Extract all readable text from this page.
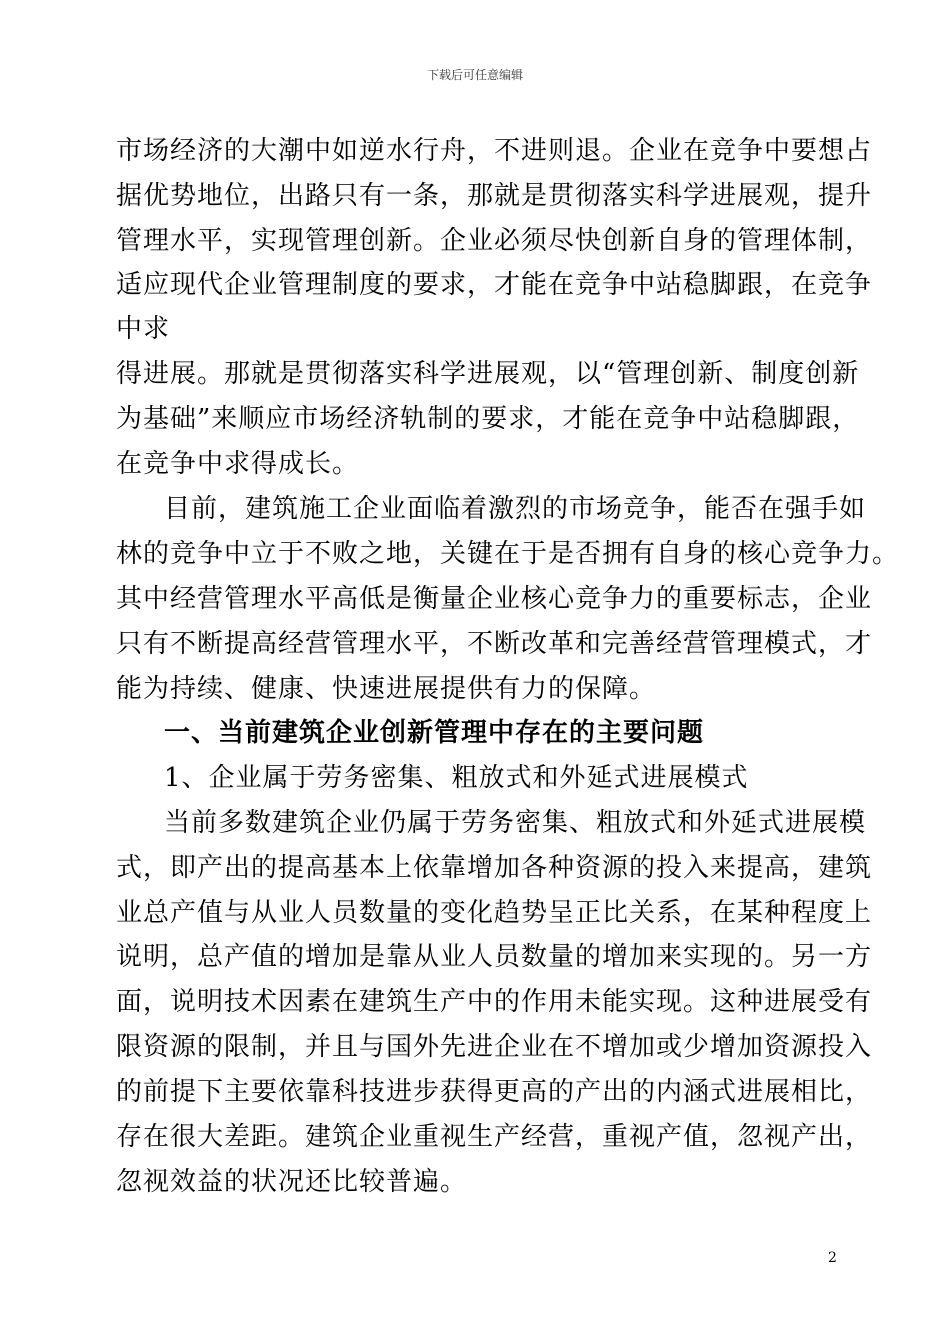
下载后可任意编辑
市场经济的大潮中如逆水行舟，不进则退。企业在竞争中要想占
据优势地位，出路只有一条，那就是贯彻落实科学进展观，提升
管理水平，实现管理创新。企业必须尽快创新自身的管理体制，
适应现代企业管理制度的要求，才能在竞争中站稳脚跟，在竞争
中求
得进展。那就是贯彻落实科学进展观，以“管理创新、制度创新
为基础”来顺应市场经济轨制的要求，才能在竞争中站稳脚跟，
在竞争中求得成长。
目前，建筑施工企业面临着激烈的市场竞争，能否在强手如
林的竞争中立于不败之地，关键在于是否拥有自身的核心竞争力。
其中经营管理水平高低是衡量企业核心竞争力的重要标志，企业
只有不断提高经营管理水平，不断改革和完善经营管理模式，才
能为持续、健康、快速进展提供有力的保障。
一、当前建筑企业创新管理中存在的主要问题
1、企业属于劳务密集、粗放式和外延式进展模式
当前多数建筑企业仍属于劳务密集、粗放式和外延式进展模
式，即产出的提高基本上依靠增加各种资源的投入来提高，建筑
业总产值与从业人员数量的变化趋势呈正比关系，在某种程度上
说明，总产值的增加是靠从业人员数量的增加来实现的。另一方
面，说明技术因素在建筑生产中的作用未能实现。这种进展受有
限资源的限制，并且与国外先进企业在不增加或少增加资源投入
的前提下主要依靠科技进步获得更高的产出的内涵式进展相比，
存在很大差距。建筑企业重视生产经营，重视产值，忽视产出，
忽视效益的状况还比较普遍。
2
